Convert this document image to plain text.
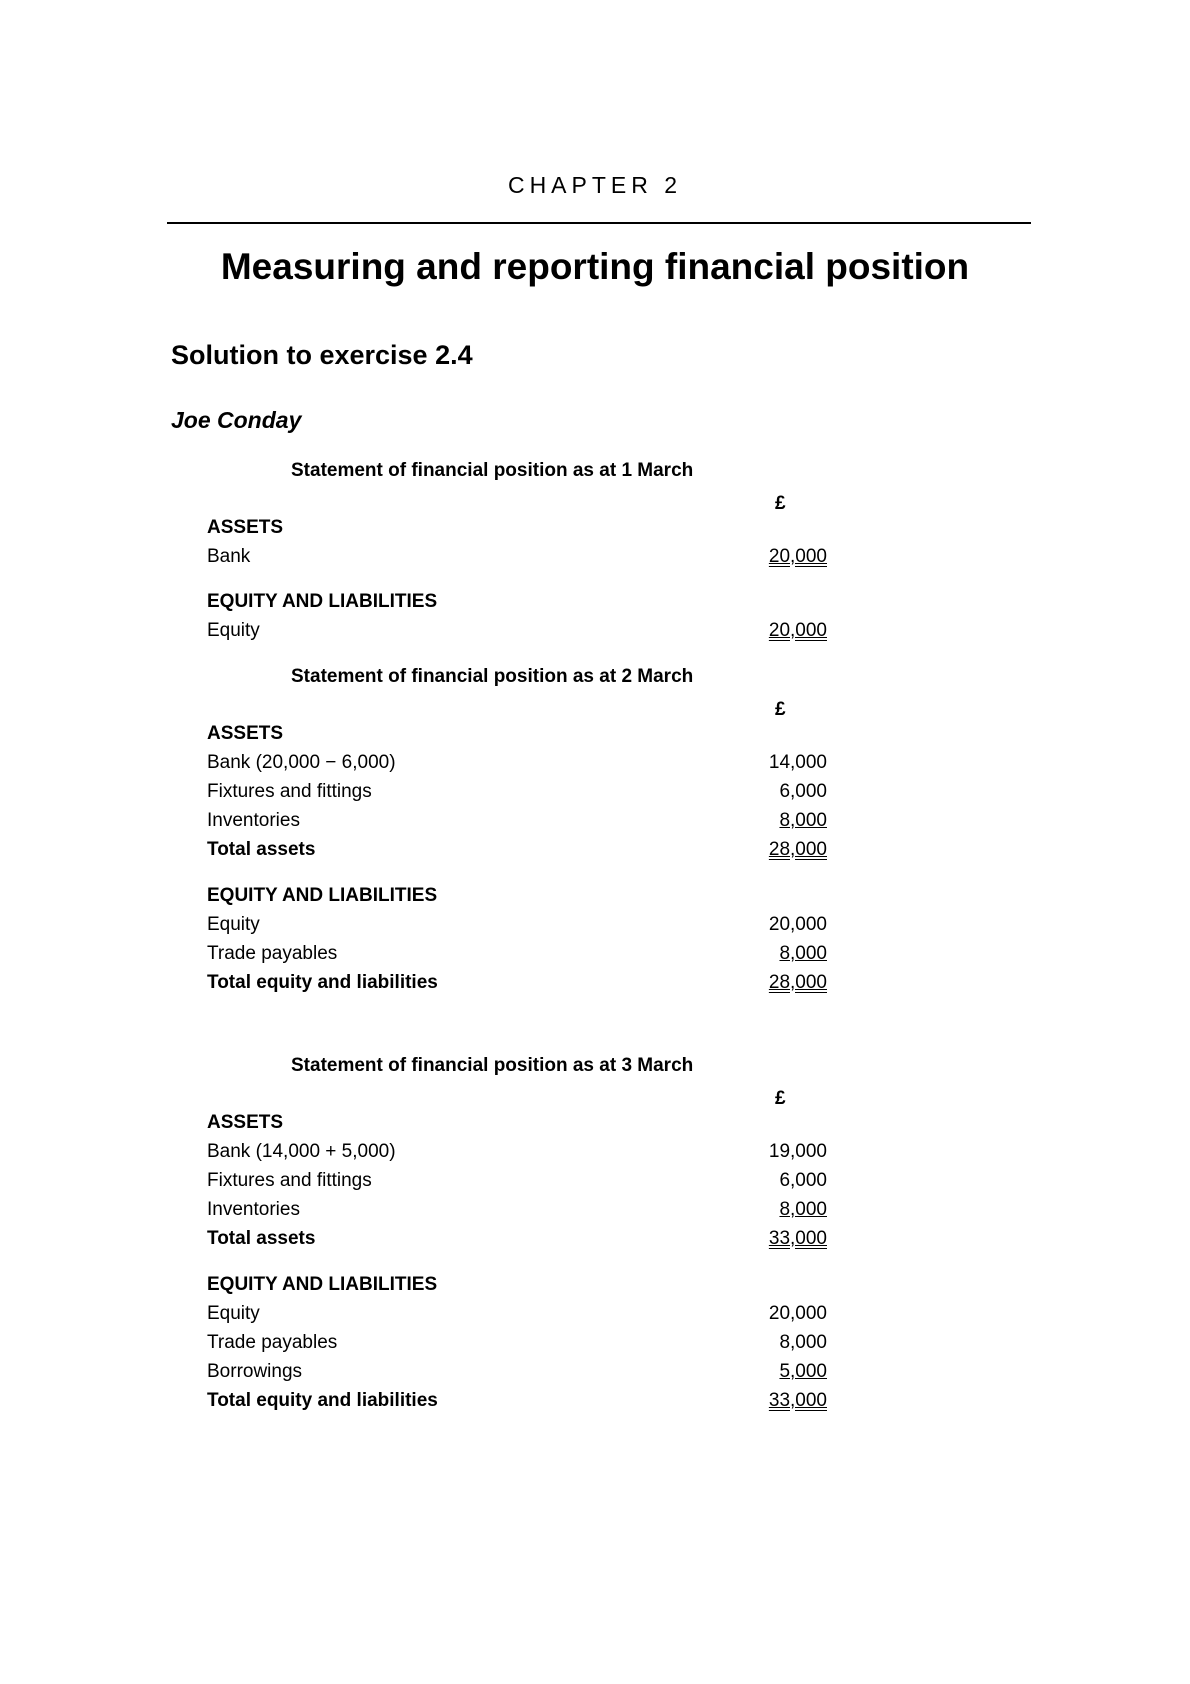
CHAPTER 2
Measuring and reporting financial position
Solution to exercise 2.4
Joe Conday
Statement of financial position as at 1 March
£
ASSETS
Bank	20,000
EQUITY AND LIABILITIES
Equity	20,000
Statement of financial position as at 2 March
£
ASSETS
Bank (20,000 − 6,000)	14,000
Fixtures and fittings	6,000
Inventories	8,000
Total assets	28,000
EQUITY AND LIABILITIES
Equity	20,000
Trade payables	8,000
Total equity and liabilities	28,000
Statement of financial position as at 3 March
£
ASSETS
Bank (14,000 + 5,000)	19,000
Fixtures and fittings	6,000
Inventories	8,000
Total assets	33,000
EQUITY AND LIABILITIES
Equity	20,000
Trade payables	8,000
Borrowings	5,000
Total equity and liabilities	33,000
